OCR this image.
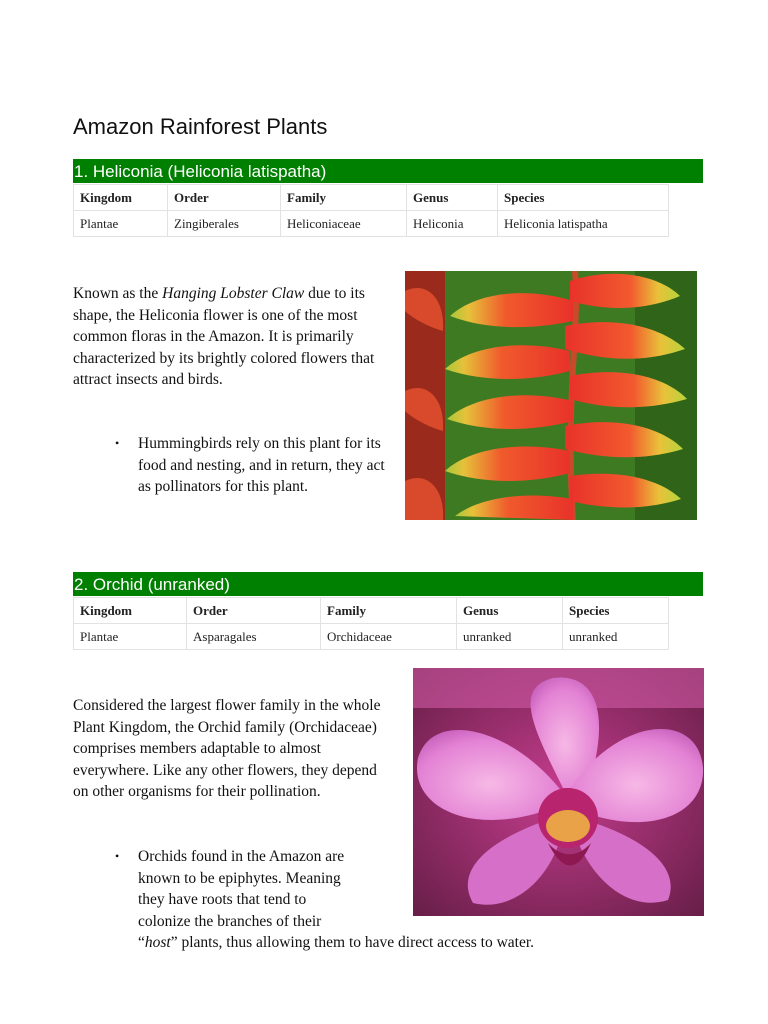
Amazon Rainforest Plants
1. Heliconia (Heliconia latispatha)
Kingdom	Order	Family	Genus	Species
Plantae	Zingiberales	Heliconiaceae	Heliconia	Heliconia latispatha
Known as the Hanging Lobster Claw due to its shape, the Heliconia flower is one of the most common floras in the Amazon. It is primarily characterized by its brightly colored flowers that attract insects and birds.
• Hummingbirds rely on this plant for its food and nesting, and in return, they act as pollinators for this plant.
2. Orchid (unranked)
Kingdom	Order	Family	Genus	Species
Plantae	Asparagales	Orchidaceae	unranked	unranked
Considered the largest flower family in the whole Plant Kingdom, the Orchid family (Orchidaceae) comprises members adaptable to almost everywhere. Like any other flowers, they depend on other organisms for their pollination.
• Orchids found in the Amazon are
known to be epiphytes. Meaning
they have roots that tend to
colonize the branches of their
“host” plants, thus allowing them to have direct access to water.
